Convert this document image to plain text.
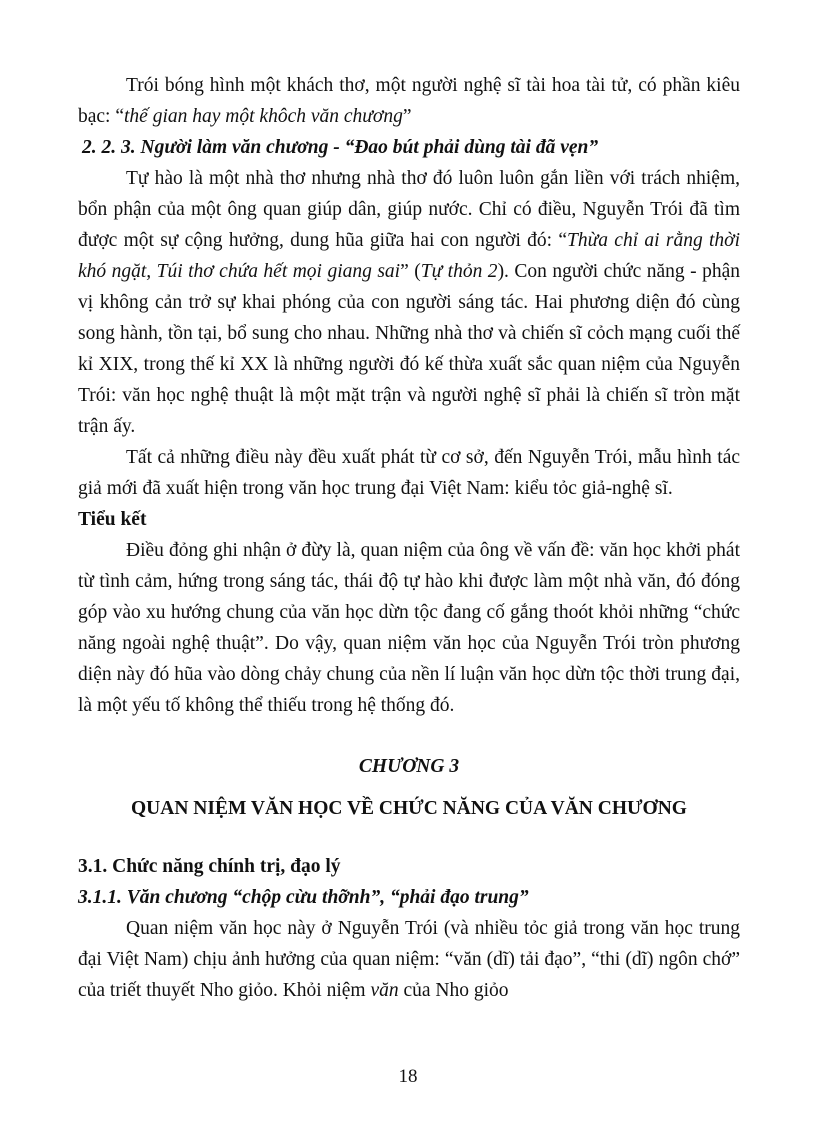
Trói bóng hình một khách thơ, một người nghệ sĩ tài hoa tài tử, có phần kiêu bạc: “thế gian hay một khôch văn chương”

2. 2. 3. Người làm văn chương - “Đao bút phải dùng tài đã vẹn”

Tự hào là một nhà thơ nhưng nhà thơ đó luôn luôn gắn liền với trách nhiệm, bổn phận của một ông quan giúp dân, giúp nước. Chỉ có điều, Nguyễn Trói đã tìm được một sự cộng hưởng, dung hũa giữa hai con người đó: “Thừa chỉ ai rằng thời khó ngặt, Túi thơ chứa hết mọi giang sai” (Tự thỏn 2). Con người chức năng - phận vị không cản trở sự khai phóng của con người sáng tác. Hai phương diện đó cùng song hành, tồn tại, bổ sung cho nhau. Những nhà thơ và chiến sĩ cỏch mạng cuối thế kỉ XIX, trong thế kỉ XX là những người đó kế thừa xuất sắc quan niệm của Nguyễn Trói: văn học nghệ thuật là một mặt trận và người nghệ sĩ phải là chiến sĩ tròn mặt trận ấy.

Tất cả những điều này đều xuất phát từ cơ sở, đến Nguyễn Trói, mẫu hình tác giả mới đã xuất hiện trong văn học trung đại Việt Nam: kiểu tỏc giả-nghệ sĩ.

Tiểu kết

Điều đỏng ghi nhận ở đừy là, quan niệm của ông về vấn đề: văn học khởi phát từ tình cảm, hứng trong sáng tác, thái độ tự hào khi được làm một nhà văn, đó đóng góp vào xu hướng chung của văn học dừn tộc đang cố gắng thoót khỏi những “chức năng ngoài nghệ thuật”. Do vậy, quan niệm văn học của Nguyễn Trói tròn phương diện này đó hũa vào dòng chảy chung của nền lí luận văn học dừn tộc thời trung đại, là một yếu tố không thể thiếu trong hệ thống đó.

CHƯƠNG 3

QUAN NIỆM VĂN HỌC VỀ CHỨC NĂNG CỦA VĂN CHƯƠNG

3.1. Chức năng chính trị, đạo lý

3.1.1. Văn chương “chộp cừu thỡnh”, “phải đạo trung”

Quan niệm văn học này ở Nguyễn Trói (và nhiều tỏc giả trong văn học trung đại Việt Nam) chịu ảnh hưởng của quan niệm: “văn (dĩ) tải đạo”, “thi (dĩ) ngôn chớ” của triết thuyết Nho giỏo. Khỏi niệm văn của Nho giỏo

18
